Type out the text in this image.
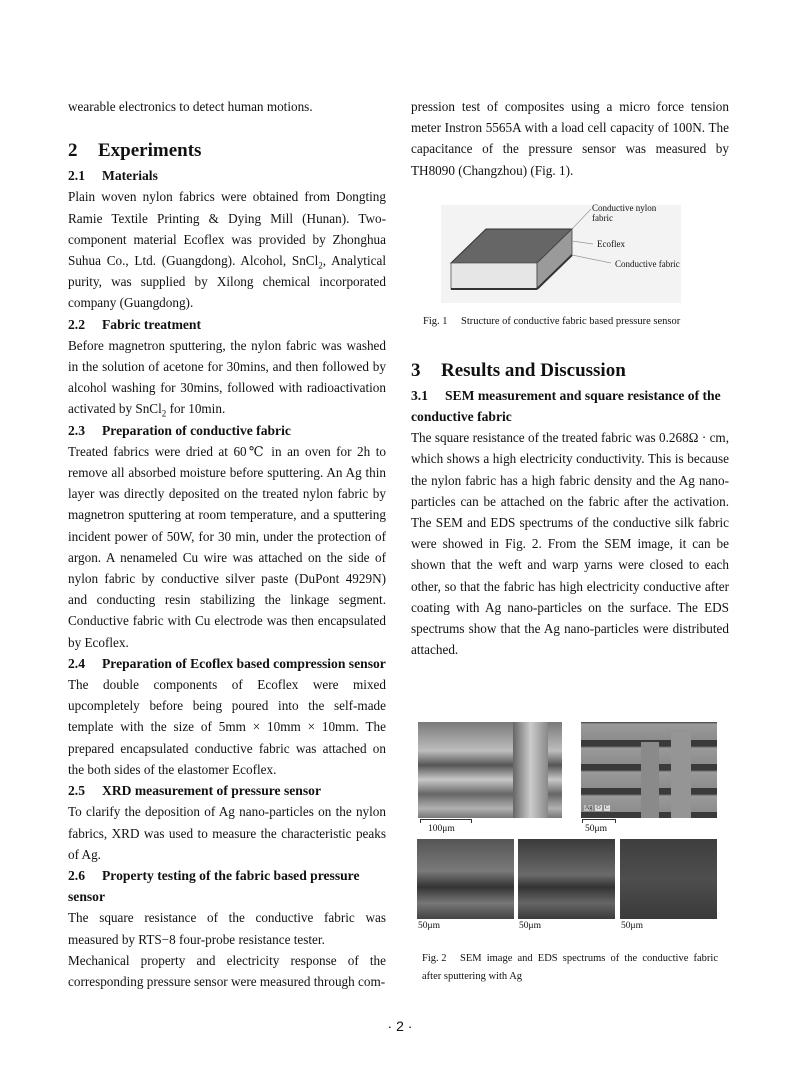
wearable electronics to detect human motions.

2 Experiments
2.1 Materials

Plain woven nylon fabrics were obtained from Dongting Ramie Textile Printing & Dying Mill (Hunan). Two-component material Ecoflex was provided by Zhonghua Suhua Co., Ltd. (Guangdong). Alcohol, SnCl$_2$, Analytical purity, was supplied by Xilong chemical incorporated company (Guangdong).

2.2 Fabric treatment

Before magnetron sputtering, the nylon fabric was washed in the solution of acetone for 30mins, and then followed by alcohol washing for 30mins, followed with radioactivation activated by SnCl$_2$ for 10min.

2.3 Preparation of conductive fabric

Treated fabrics were dried at 60℃ in an oven for 2h to remove all absorbed moisture before sputtering. An Ag thin layer was directly deposited on the treated nylon fabric by magnetron sputtering at room temperature, and a sputtering incident power of 50W, for 30 min, under the protection of argon. A nenameled Cu wire was attached on the side of nylon fabric by conductive silver paste (DuPont 4929N) and conducting resin stabilizing the linkage segment. Conductive fabric with Cu electrode was then encapsulated by Ecoflex.

2.4 Preparation of Ecoflex based compression sensor

The double components of Ecoflex were mixed upcompletely before being poured into the self-made template with the size of 5mm × 10mm × 10mm. The prepared encapsulated conductive fabric was attached on the both sides of the elastomer Ecoflex.

2.5 XRD measurement of pressure sensor

To clarify the deposition of Ag nano-particles on the nylon fabrics, XRD was used to measure the characteristic peaks of Ag.

2.6 Property testing of the fabric based pressure sensor

The square resistance of the conductive fabric was measured by RTS−8 four-probe resistance tester.

Mechanical property and electricity response of the corresponding pressure sensor were measured through com-

pression test of composites using a micro force tension meter Instron 5565A with a load cell capacity of 100N. The capacitance of the pressure sensor was measured by TH8090 (Changzhou) (Fig. 1).

Conductive nylon fabric
Ecoflex
Conductive fabric
Fig. 1 Structure of conductive fabric based pressure sensor
3 Results and Discussion
3.1 SEM measurement and square resistance of the conductive fabric

The square resistance of the treated fabric was 0.268Ω · cm, which shows a high electricity conductivity. This is because the nylon fabric has a high fabric density and the Ag nano-particles can be attached on the fabric after the activation. The SEM and EDS spectrums of the conductive silk fabric were showed in Fig. 2. From the SEM image, it can be shown that the weft and warp yarns were closed to each other, so that the fabric has high electricity conductive after coating with Ag nano-particles on the surface. The EDS spectrums show that the Ag nano-particles were distributed attached.

100μm
Ag O C
50μm
50μm	50μm	50μm
Fig. 2 SEM image and EDS spectrums of the conductive fabric after sputtering with Ag
· 2 ·
